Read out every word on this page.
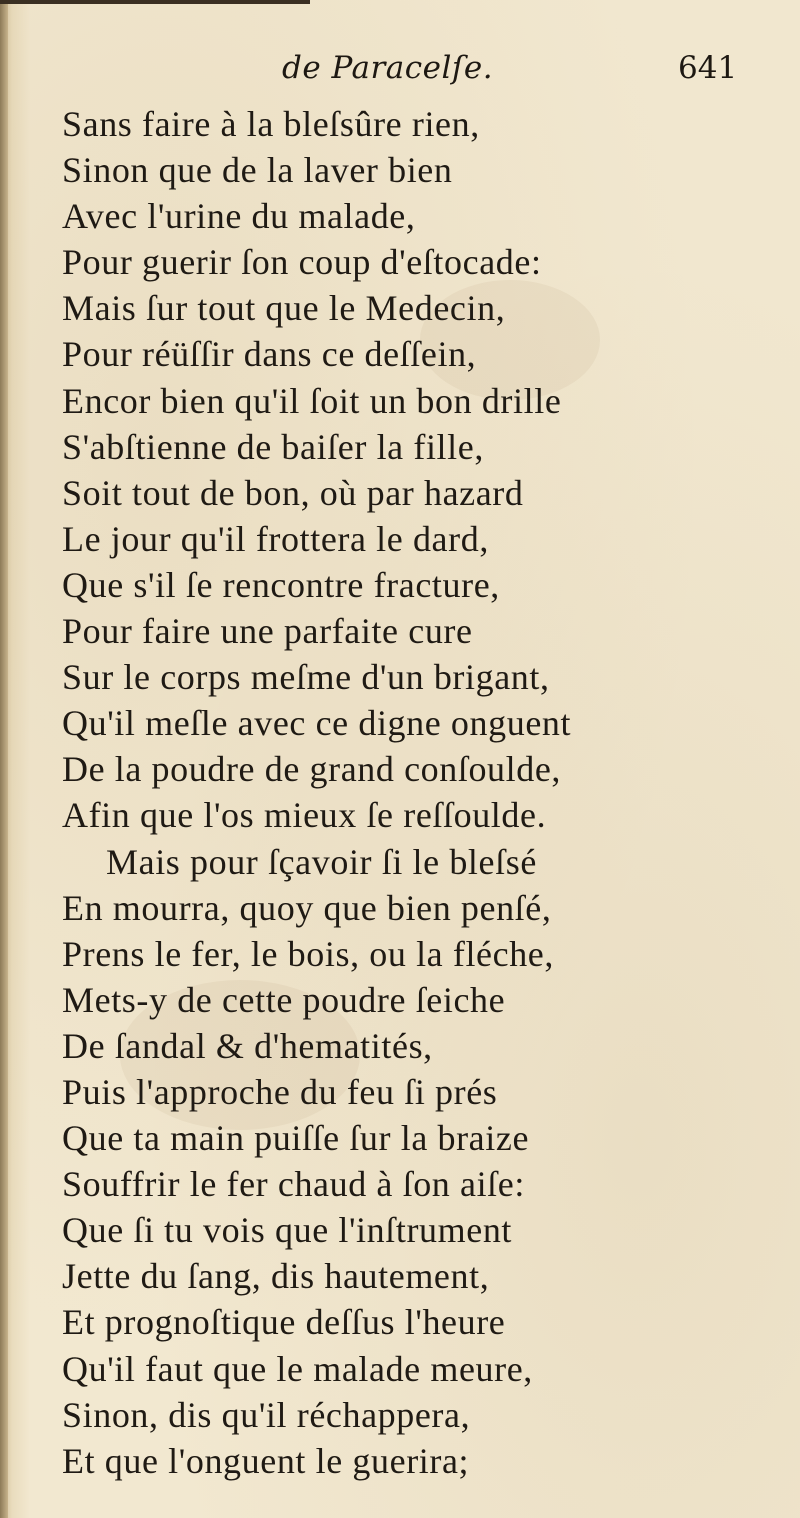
de Paracelſe.	641
Sans faire à la bleſsûre rien,
Sinon que de la laver bien
Avec l'urine du malade,
Pour guerir ſon coup d'eſtocade:
Mais ſur tout que le Medecin,
Pour réüſſir dans ce deſſein,
Encor bien qu'il ſoit un bon drille
S'abſtienne de baiſer la fille,
Soit tout de bon, où par hazard
Le jour qu'il frottera le dard,
Que s'il ſe rencontre fracture,
Pour faire une parfaite cure
Sur le corps meſme d'un brigant,
Qu'il meſle avec ce digne onguent
De la poudre de grand conſoulde,
Afin que l'os mieux ſe reſſoulde.
Mais pour ſçavoir ſi le bleſsé
En mourra, quoy que bien penſé,
Prens le fer, le bois, ou la fléche,
Mets-y de cette poudre ſeiche
De ſandal & d'hematités,
Puis l'approche du feu ſi prés
Que ta main puiſſe ſur la braize
Souffrir le fer chaud à ſon aiſe:
Que ſi tu vois que l'inſtrument
Jette du ſang, dis hautement,
Et prognoſtique deſſus l'heure
Qu'il faut que le malade meure,
Sinon, dis qu'il réchappera,
Et que l'onguent le guerira;
